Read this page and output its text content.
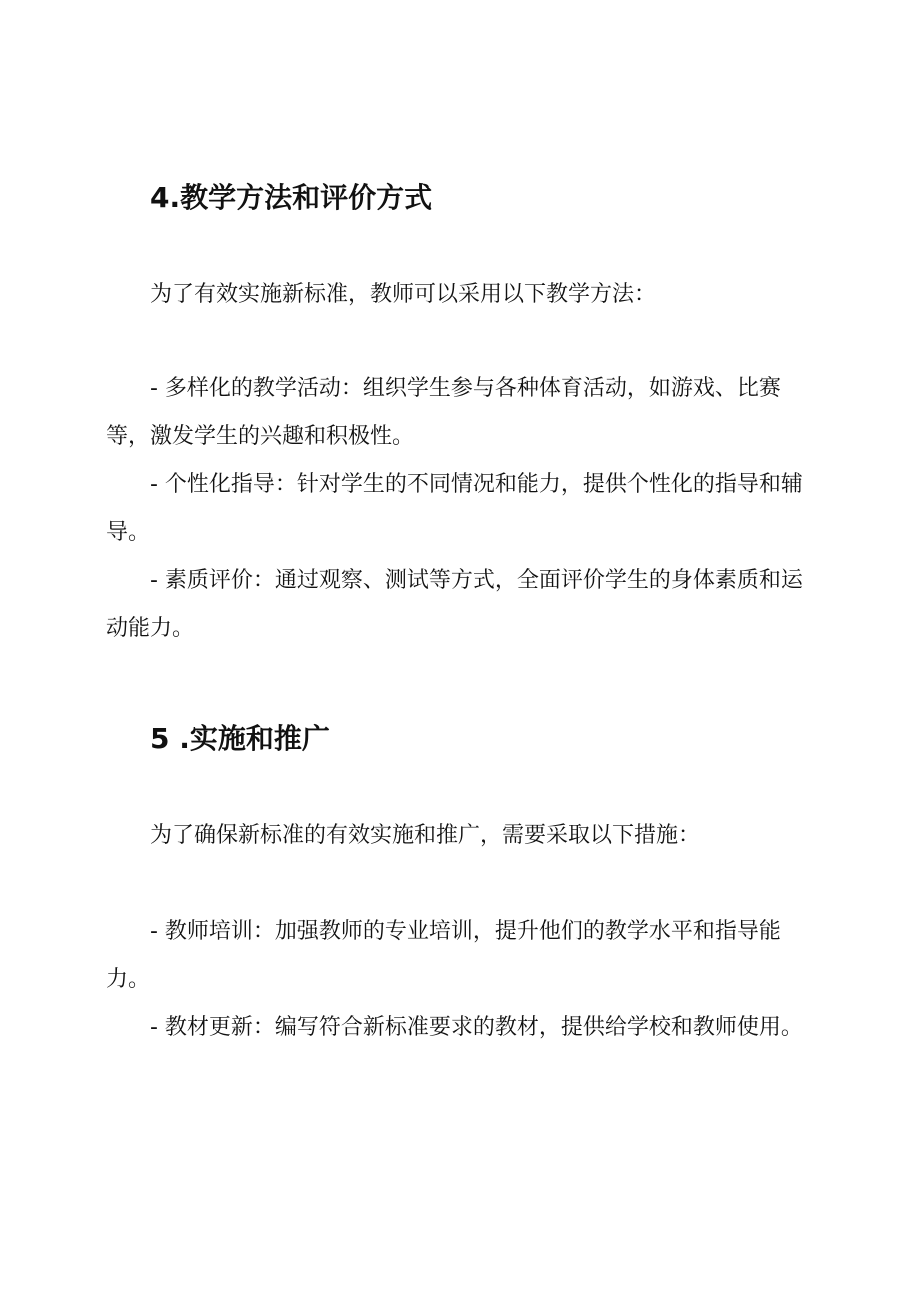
4.教学方法和评价方式
为了有效实施新标准，教师可以采用以下教学方法：
- 多样化的教学活动：组织学生参与各种体育活动，如游戏、比赛等，激发学生的兴趣和积极性。
- 个性化指导：针对学生的不同情况和能力，提供个性化的指导和辅导。
- 素质评价：通过观察、测试等方式，全面评价学生的身体素质和运动能力。
5 .实施和推广
为了确保新标准的有效实施和推广，需要采取以下措施：
- 教师培训：加强教师的专业培训，提升他们的教学水平和指导能力。
- 教材更新：编写符合新标准要求的教材，提供给学校和教师使用。
